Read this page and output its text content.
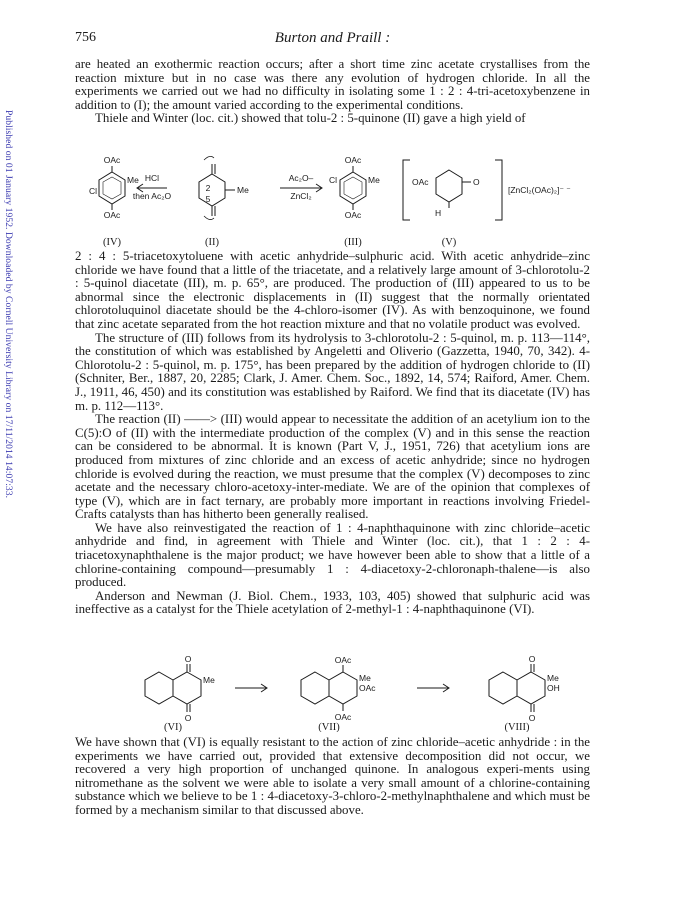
Published on 01 January 1952. Downloaded by Cornell University Library on 17/11/2014 14:07:33.
756	Burton and Praill :

are heated an exothermic reaction occurs; after a short time zinc acetate crystallises from the reaction mixture but in no case was there any evolution of hydrogen chloride. In all the experiments we carried out we had no difficulty in isolating some 1 : 2 : 4-tri-acetoxybenzene in addition to (I); the amount varied according to the experimental conditions.

Thiele and Winter (loc. cit.) showed that tolu-2 : 5-quinone (II) gave a high yield of

OAc
Me
Cl
OAc
HCl
then Ac₂O
2
5
Me
Ac₂O–
ZnCl₂
OAc
Cl	Me
OAc
OAc	O
H
[ZnCl₂(OAc)₂]⁻ ⁻
(IV)	(II)	(III)	(V)

2 : 4 : 5-triacetoxytoluene with acetic anhydride–sulphuric acid. With acetic anhydride–zinc chloride we have found that a little of the triacetate, and a relatively large amount of 3-chlorotolu-2 : 5-quinol diacetate (III), m. p. 65°, are produced. The production of (III) appeared to us to be abnormal since the electronic displacements in (II) suggest that the normally orientated chlorotoluquinol diacetate should be the 4-chloro-isomer (IV). As with benzoquinone, we found that zinc acetate separated from the hot reaction mixture and that no volatile product was evolved.

The structure of (III) follows from its hydrolysis to 3-chlorotolu-2 : 5-quinol, m. p. 113—114°, the constitution of which was established by Angeletti and Oliverio (Gazzetta, 1940, 70, 342). 4-Chlorotolu-2 : 5-quinol, m. p. 175°, has been prepared by the addition of hydrogen chloride to (II) (Schniter, Ber., 1887, 20, 2285; Clark, J. Amer. Chem. Soc., 1892, 14, 574; Raiford, Amer. Chem. J., 1911, 46, 450) and its constitution was established by Raiford. We find that its diacetate (IV) has m. p. 112—113°.

The reaction (II) ——> (III) would appear to necessitate the addition of an acetylium ion to the C(5):O of (II) with the intermediate production of the complex (V) and in this sense the reaction can be considered to be abnormal. It is known (Part V, J., 1951, 726) that acetylium ions are produced from mixtures of zinc chloride and an excess of acetic anhydride; since no hydrogen chloride is evolved during the reaction, we must presume that the complex (V) decomposes to zinc acetate and the necessary chloro-acetoxy-inter-mediate. We are of the opinion that complexes of type (V), which are in fact ternary, are probably more important in reactions involving Friedel-Crafts catalysts than has hitherto been generally realised.

We have also reinvestigated the reaction of 1 : 4-naphthaquinone with zinc chloride–acetic anhydride and find, in agreement with Thiele and Winter (loc. cit.), that 1 : 2 : 4-triacetoxynaphthalene is the major product; we have however been able to show that a little of a chlorine-containing compound—presumably 1 : 4-diacetoxy-2-chloronaph-thalene—is also produced.

Anderson and Newman (J. Biol. Chem., 1933, 103, 405) showed that sulphuric acid was ineffective as a catalyst for the Thiele acetylation of 2-methyl-1 : 4-naphthaquinone (VI).

O
Me
O
OAc
Me
OAc
OAc
O
Me
OH
O
(VI)	(VII)	(VIII)

We have shown that (VI) is equally resistant to the action of zinc chloride–acetic anhydride : in the experiments we have carried out, provided that extensive decomposition did not occur, we recovered a very high proportion of unchanged quinone. In analogous experi-ments using nitromethane as the solvent we were able to isolate a very small amount of a chlorine-containing substance which we believe to be 1 : 4-diacetoxy-3-chloro-2-methylnaphthalene and which must be formed by a mechanism similar to that discussed above.
